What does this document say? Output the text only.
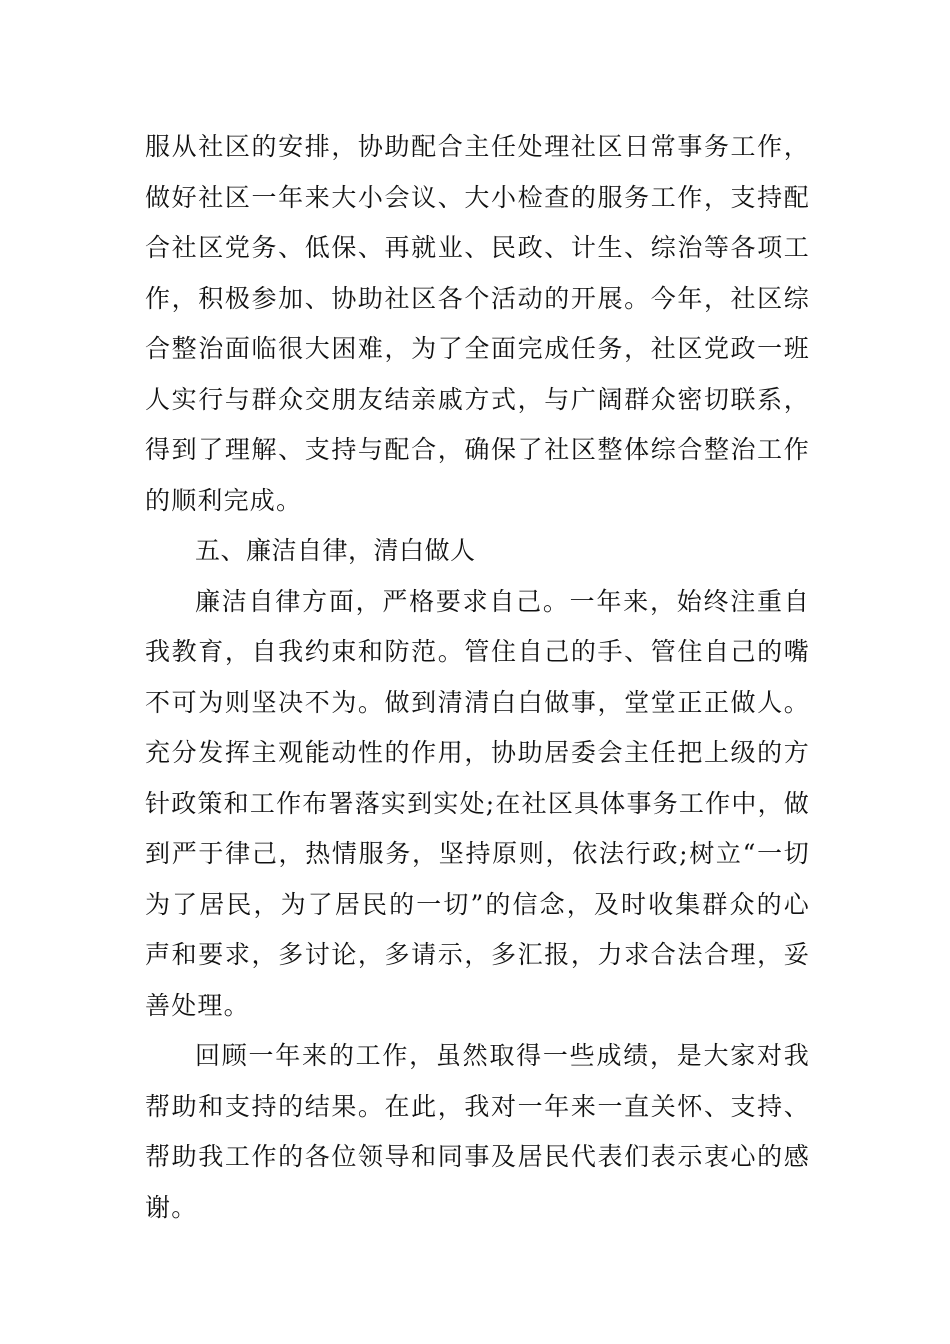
服从社区的安排，协助配合主任处理社区日常事务工作，做好社区一年来大小会议、大小检查的服务工作，支持配合社区党务、低保、再就业、民政、计生、综治等各项工作，积极参加、协助社区各个活动的开展。今年，社区综合整治面临很大困难，为了全面完成任务，社区党政一班人实行与群众交朋友结亲戚方式，与广阔群众密切联系，得到了理解、支持与配合，确保了社区整体综合整治工作的顺利完成。

五、廉洁自律，清白做人

廉洁自律方面，严格要求自己。一年来，始终注重自我教育，自我约束和防范。管住自己的手、管住自己的嘴不可为则坚决不为。做到清清白白做事，堂堂正正做人。充分发挥主观能动性的作用，协助居委会主任把上级的方针政策和工作布署落实到实处;在社区具体事务工作中，做到严于律己，热情服务，坚持原则，依法行政;树立“一切为了居民，为了居民的一切”的信念，及时收集群众的心声和要求，多讨论，多请示，多汇报，力求合法合理，妥善处理。

回顾一年来的工作，虽然取得一些成绩，是大家对我帮助和支持的结果。在此，我对一年来一直关怀、支持、帮助我工作的各位领导和同事及居民代表们表示衷心的感谢。
